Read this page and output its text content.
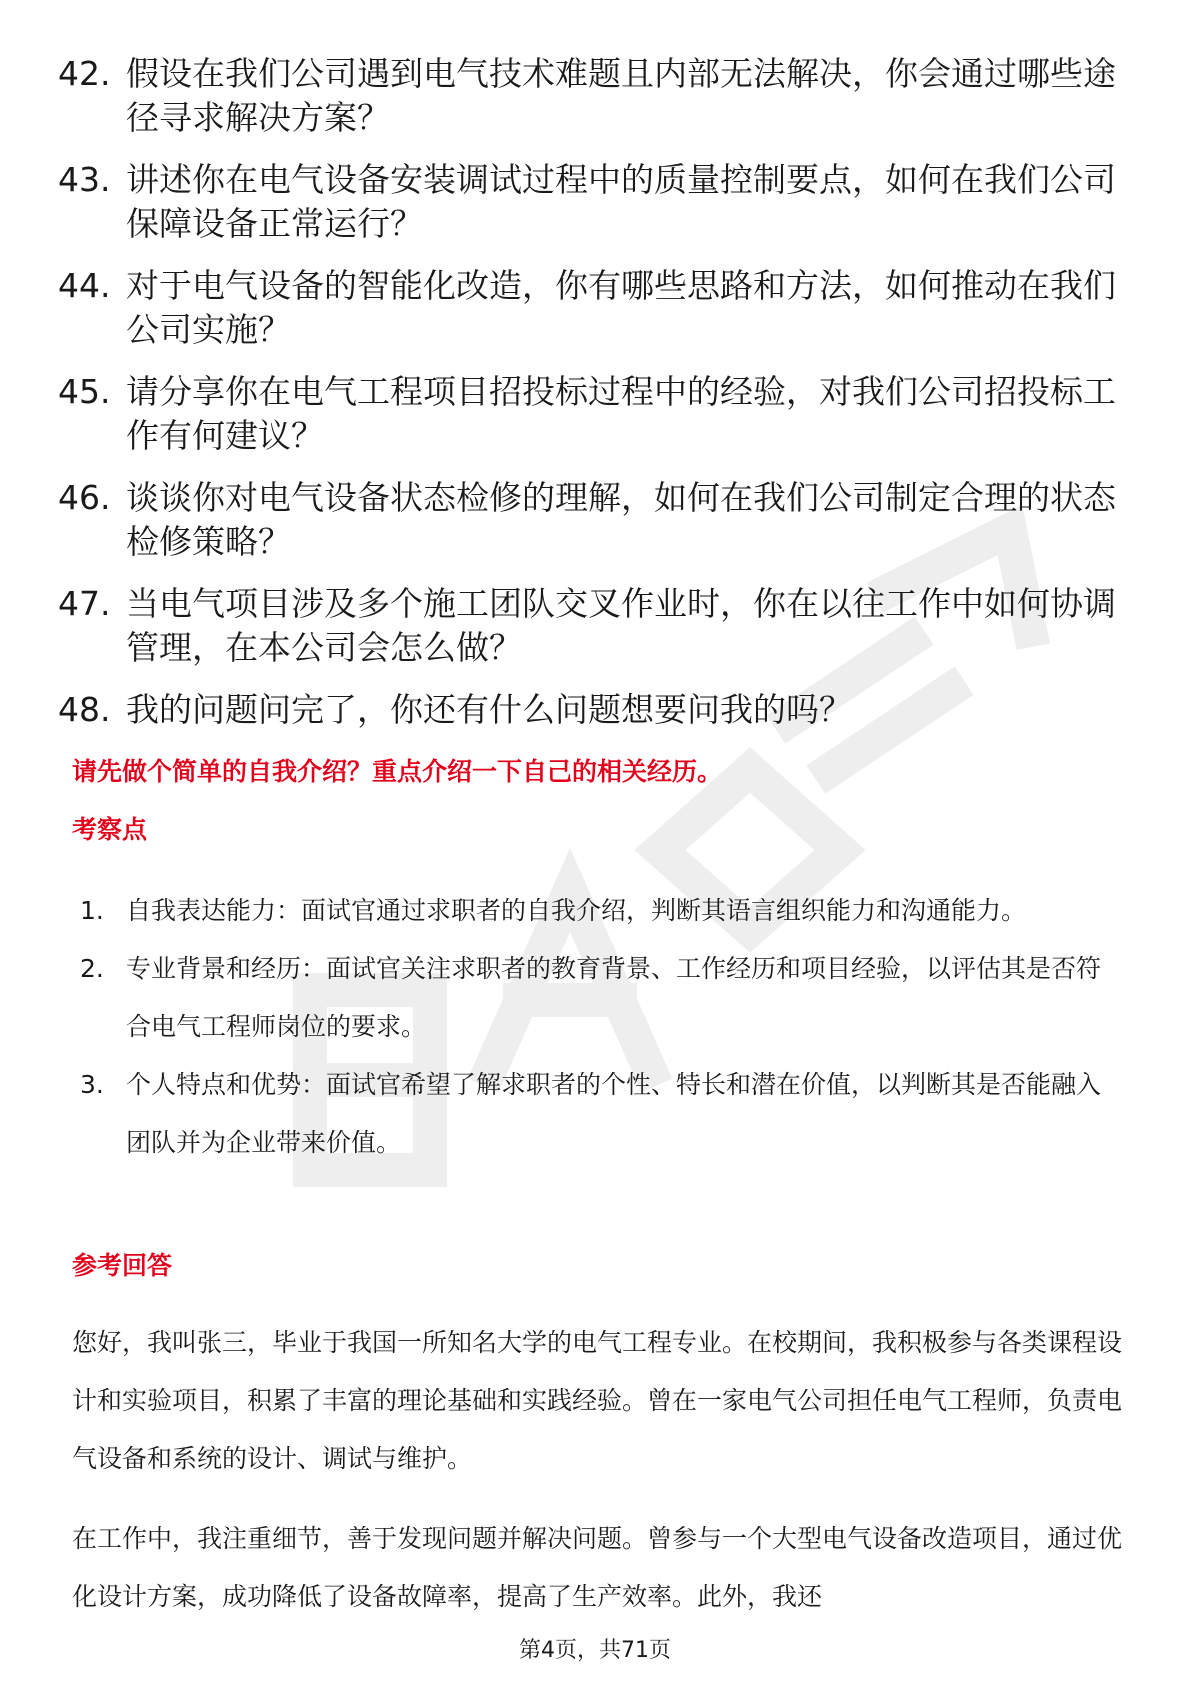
42. 假设在我们公司遇到电气技术难题且内部无法解决，你会通过哪些途径寻求解决方案？
43. 讲述你在电气设备安装调试过程中的质量控制要点，如何在我们公司保障设备正常运行？
44. 对于电气设备的智能化改造，你有哪些思路和方法，如何推动在我们公司实施？
45. 请分享你在电气工程项目招投标过程中的经验，对我们公司招投标工作有何建议？
46. 谈谈你对电气设备状态检修的理解，如何在我们公司制定合理的状态检修策略？
47. 当电气项目涉及多个施工团队交叉作业时，你在以往工作中如何协调管理，在本公司会怎么做？
48. 我的问题问完了，你还有什么问题想要问我的吗？
请先做个简单的自我介绍？重点介绍一下自己的相关经历。
考察点
1. 自我表达能力：面试官通过求职者的自我介绍，判断其语言组织能力和沟通能力。
2. 专业背景和经历：面试官关注求职者的教育背景、工作经历和项目经验，以评估其是否符合电气工程师岗位的要求。
3. 个人特点和优势：面试官希望了解求职者的个性、特长和潜在价值，以判断其是否能融入团队并为企业带来价值。
参考回答
您好，我叫张三，毕业于我国一所知名大学的电气工程专业。在校期间，我积极参与各类课程设计和实验项目，积累了丰富的理论基础和实践经验。曾在一家电气公司担任电气工程师，负责电气设备和系统的设计、调试与维护。
在工作中，我注重细节，善于发现问题并解决问题。曾参与一个大型电气设备改造项目，通过优化设计方案，成功降低了设备故障率，提高了生产效率。此外，我还
第4页，共71页
